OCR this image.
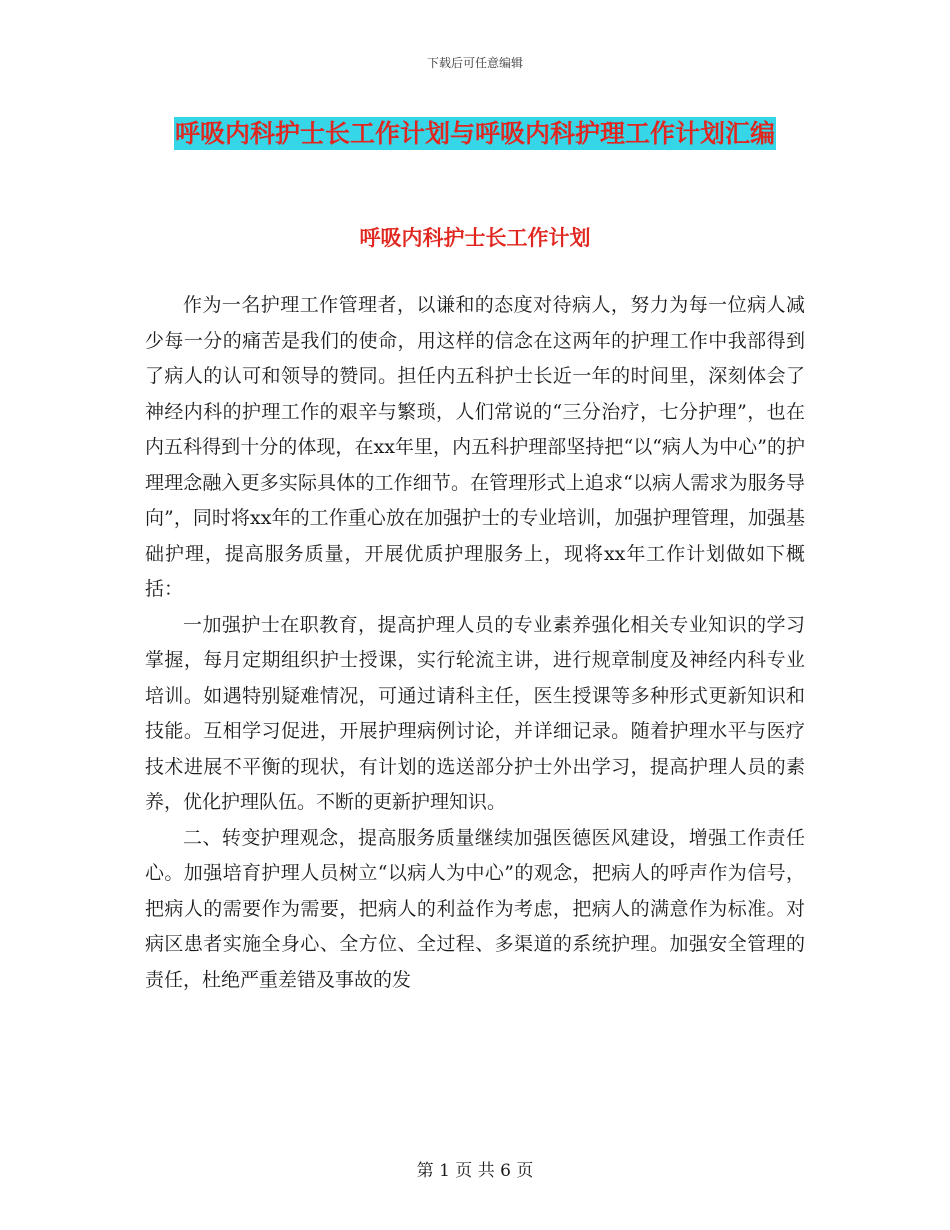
下载后可任意编辑
呼吸内科护士长工作计划与呼吸内科护理工作计划汇编
呼吸内科护士长工作计划

作为一名护理工作管理者，以谦和的态度对待病人，努力为每一位病人减少每一分的痛苦是我们的使命，用这样的信念在这两年的护理工作中我部得到了病人的认可和领导的赞同。担任内五科护士长近一年的时间里，深刻体会了神经内科的护理工作的艰辛与繁琐，人们常说的“三分治疗，七分护理”，也在内五科得到十分的体现，在xx年里，内五科护理部坚持把“以“病人为中心”的护理理念融入更多实际具体的工作细节。在管理形式上追求“以病人需求为服务导向”，同时将xx年的工作重心放在加强护士的专业培训，加强护理管理，加强基础护理，提高服务质量，开展优质护理服务上，现将xx年工作计划做如下概括：

一加强护士在职教育，提高护理人员的专业素养强化相关专业知识的学习掌握，每月定期组织护士授课，实行轮流主讲，进行规章制度及神经内科专业培训。如遇特别疑难情况，可通过请科主任，医生授课等多种形式更新知识和技能。互相学习促进，开展护理病例讨论，并详细记录。随着护理水平与医疗技术进展不平衡的现状，有计划的选送部分护士外出学习，提高护理人员的素养，优化护理队伍。不断的更新护理知识。

二、转变护理观念，提高服务质量继续加强医德医风建设，增强工作责任心。加强培育护理人员树立“以病人为中心”的观念，把病人的呼声作为信号，把病人的需要作为需要，把病人的利益作为考虑，把病人的满意作为标准。对病区患者实施全身心、全方位、全过程、多渠道的系统护理。加强安全管理的责任，杜绝严重差错及事故的发

第 1 页 共 6 页
